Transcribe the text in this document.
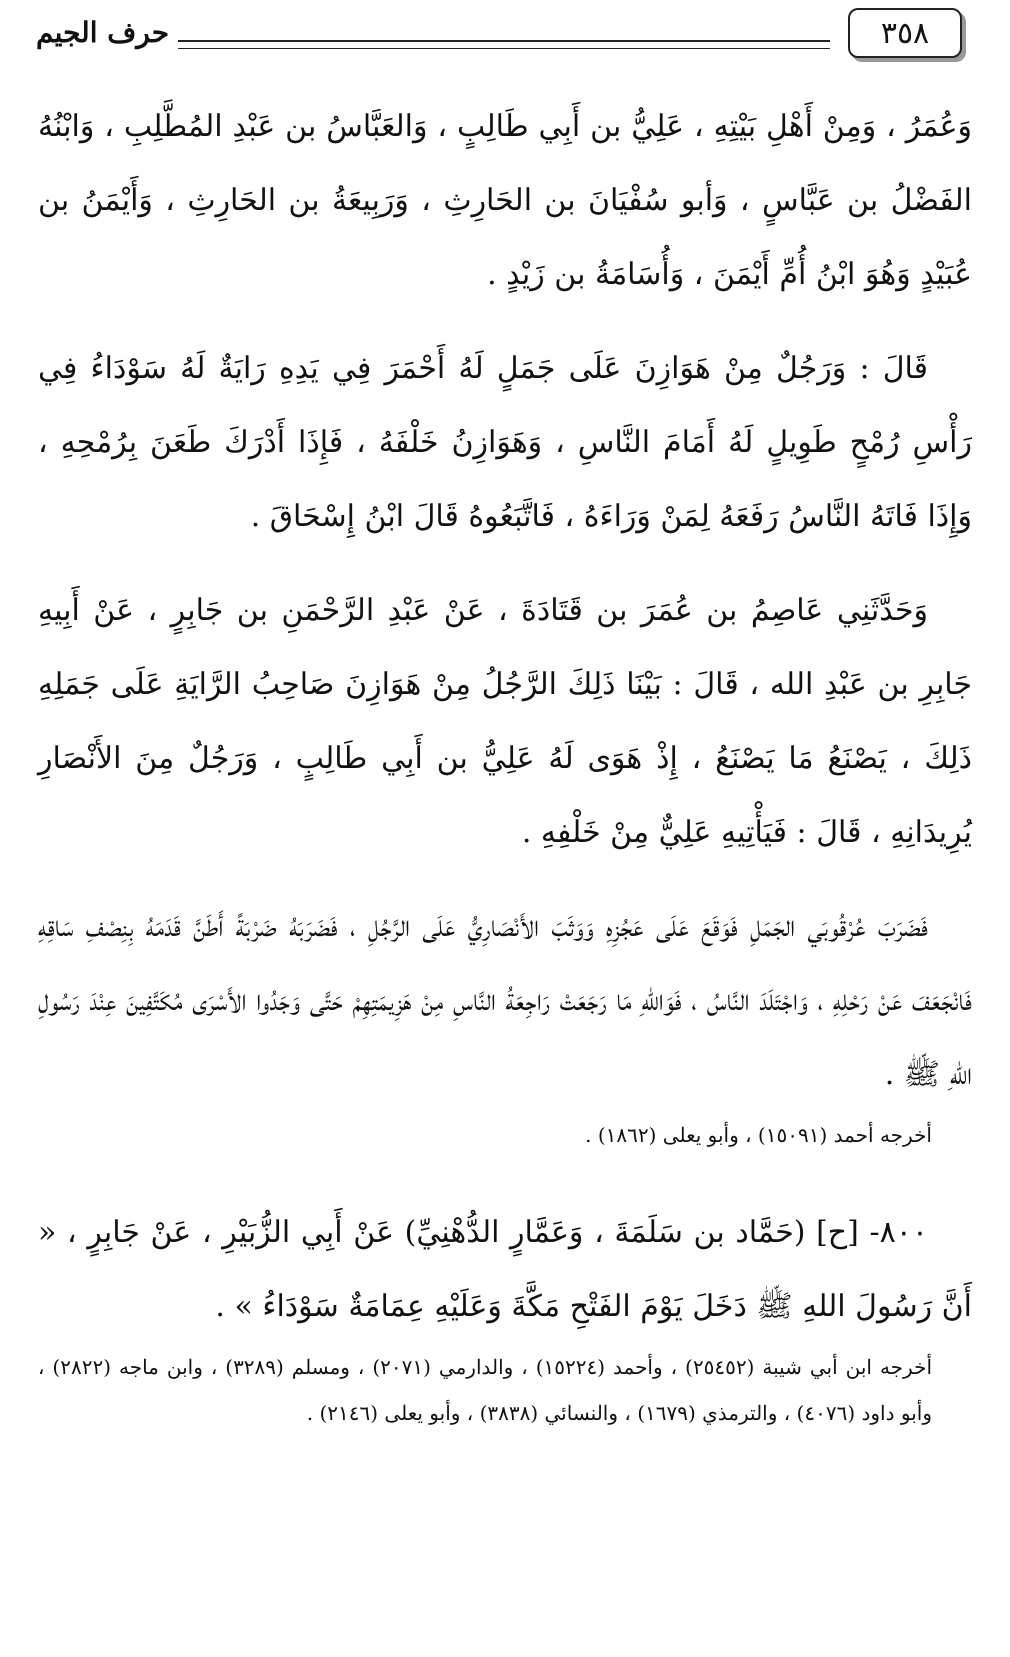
٣٥٨
حرف الجيم

وَعُمَرُ ، وَمِنْ أَهْلِ بَيْتِهِ ، عَلِيُّ بن أَبِي طَالِبٍ ، وَالعَبَّاسُ بن عَبْدِ المُطَّلِبِ ، وَابْنُهُ الفَضْلُ بن عَبَّاسٍ ، وَأبو سُفْيَانَ بن الحَارِثِ ، وَرَبِيعَةُ بن الحَارِثِ ، وَأَيْمَنُ بن عُبَيْدٍ وَهُوَ ابْنُ أُمِّ أَيْمَنَ ، وَأُسَامَةُ بن زَيْدٍ .

قَالَ : وَرَجُلٌ مِنْ هَوَازِنَ عَلَى جَمَلٍ لَهُ أَحْمَرَ فِي يَدِهِ رَايَةٌ لَهُ سَوْدَاءُ فِي رَأْسِ رُمْحٍ طَوِيلٍ لَهُ أَمَامَ النَّاسِ ، وَهَوَازِنُ خَلْفَهُ ، فَإِذَا أَدْرَكَ طَعَنَ بِرُمْحِهِ ، وَإِذَا فَاتَهُ النَّاسُ رَفَعَهُ لِمَنْ وَرَاءَهُ ، فَاتَّبَعُوهُ قَالَ ابْنُ إِسْحَاقَ .

وَحَدَّثَنِي عَاصِمُ بن عُمَرَ بن قَتَادَةَ ، عَنْ عَبْدِ الرَّحْمَنِ بن جَابِرٍ ، عَنْ أَبِيهِ جَابِرِ بن عَبْدِ الله ، قَالَ : بَيْنَا ذَلِكَ الرَّجُلُ مِنْ هَوَازِنَ صَاحِبُ الرَّايَةِ عَلَى جَمَلِهِ ذَلِكَ ، يَصْنَعُ مَا يَصْنَعُ ، إِذْ هَوَى لَهُ عَلِيُّ بن أَبِي طَالِبٍ ، وَرَجُلٌ مِنَ الأَنْصَارِ يُرِيدَانِهِ ، قَالَ : فَيَأْتِيهِ عَلِيٌّ مِنْ خَلْفِهِ .

فَضَرَبَ عُرْقُوبَي الجَمَلِ فَوَقَعَ عَلَى عَجُزِهِ وَوَثَبَ الأَنْصَارِيُّ عَلَى الرَّجُلِ ، فَضَرَبَهُ ضَرْبَةً أَطَنَّ قَدَمَهُ بِنِصْفِ سَاقِهِ فَانْجَعَفَ عَنْ رَحْلِهِ ، وَاجْتَلَدَ النَّاسُ ، فَوَاللهِ مَا رَجَعَتْ رَاجِعَةُ النَّاسِ مِنْ هَزِيمَتِهِمْ حَتَّى وَجَدُوا الأَسْرَى مُكَتَّفِينَ عِنْدَ رَسُولِ اللهِ ﷺ .

أخرجه أحمد (١٥٠٩١) ، وأبو يعلى (١٨٦٢) .

٨٠٠- [ح] (حَمَّاد بن سَلَمَةَ ، وَعَمَّارٍ الدُّهْنِيِّ) عَنْ أَبِي الزُّبَيْرِ ، عَنْ جَابِرٍ ، « أَنَّ رَسُولَ اللهِ ﷺ دَخَلَ يَوْمَ الفَتْحِ مَكَّةَ وَعَلَيْهِ عِمَامَةٌ سَوْدَاءُ » .

أخرجه ابن أبي شيبة (٢٥٤٥٢) ، وأحمد (١٥٢٢٤) ، والدارمي (٢٠٧١) ، ومسلم (٣٢٨٩) ، وابن ماجه (٢٨٢٢) ، وأبو داود (٤٠٧٦) ، والترمذي (١٦٧٩) ، والنسائي (٣٨٣٨) ، وأبو يعلى (٢١٤٦) .
